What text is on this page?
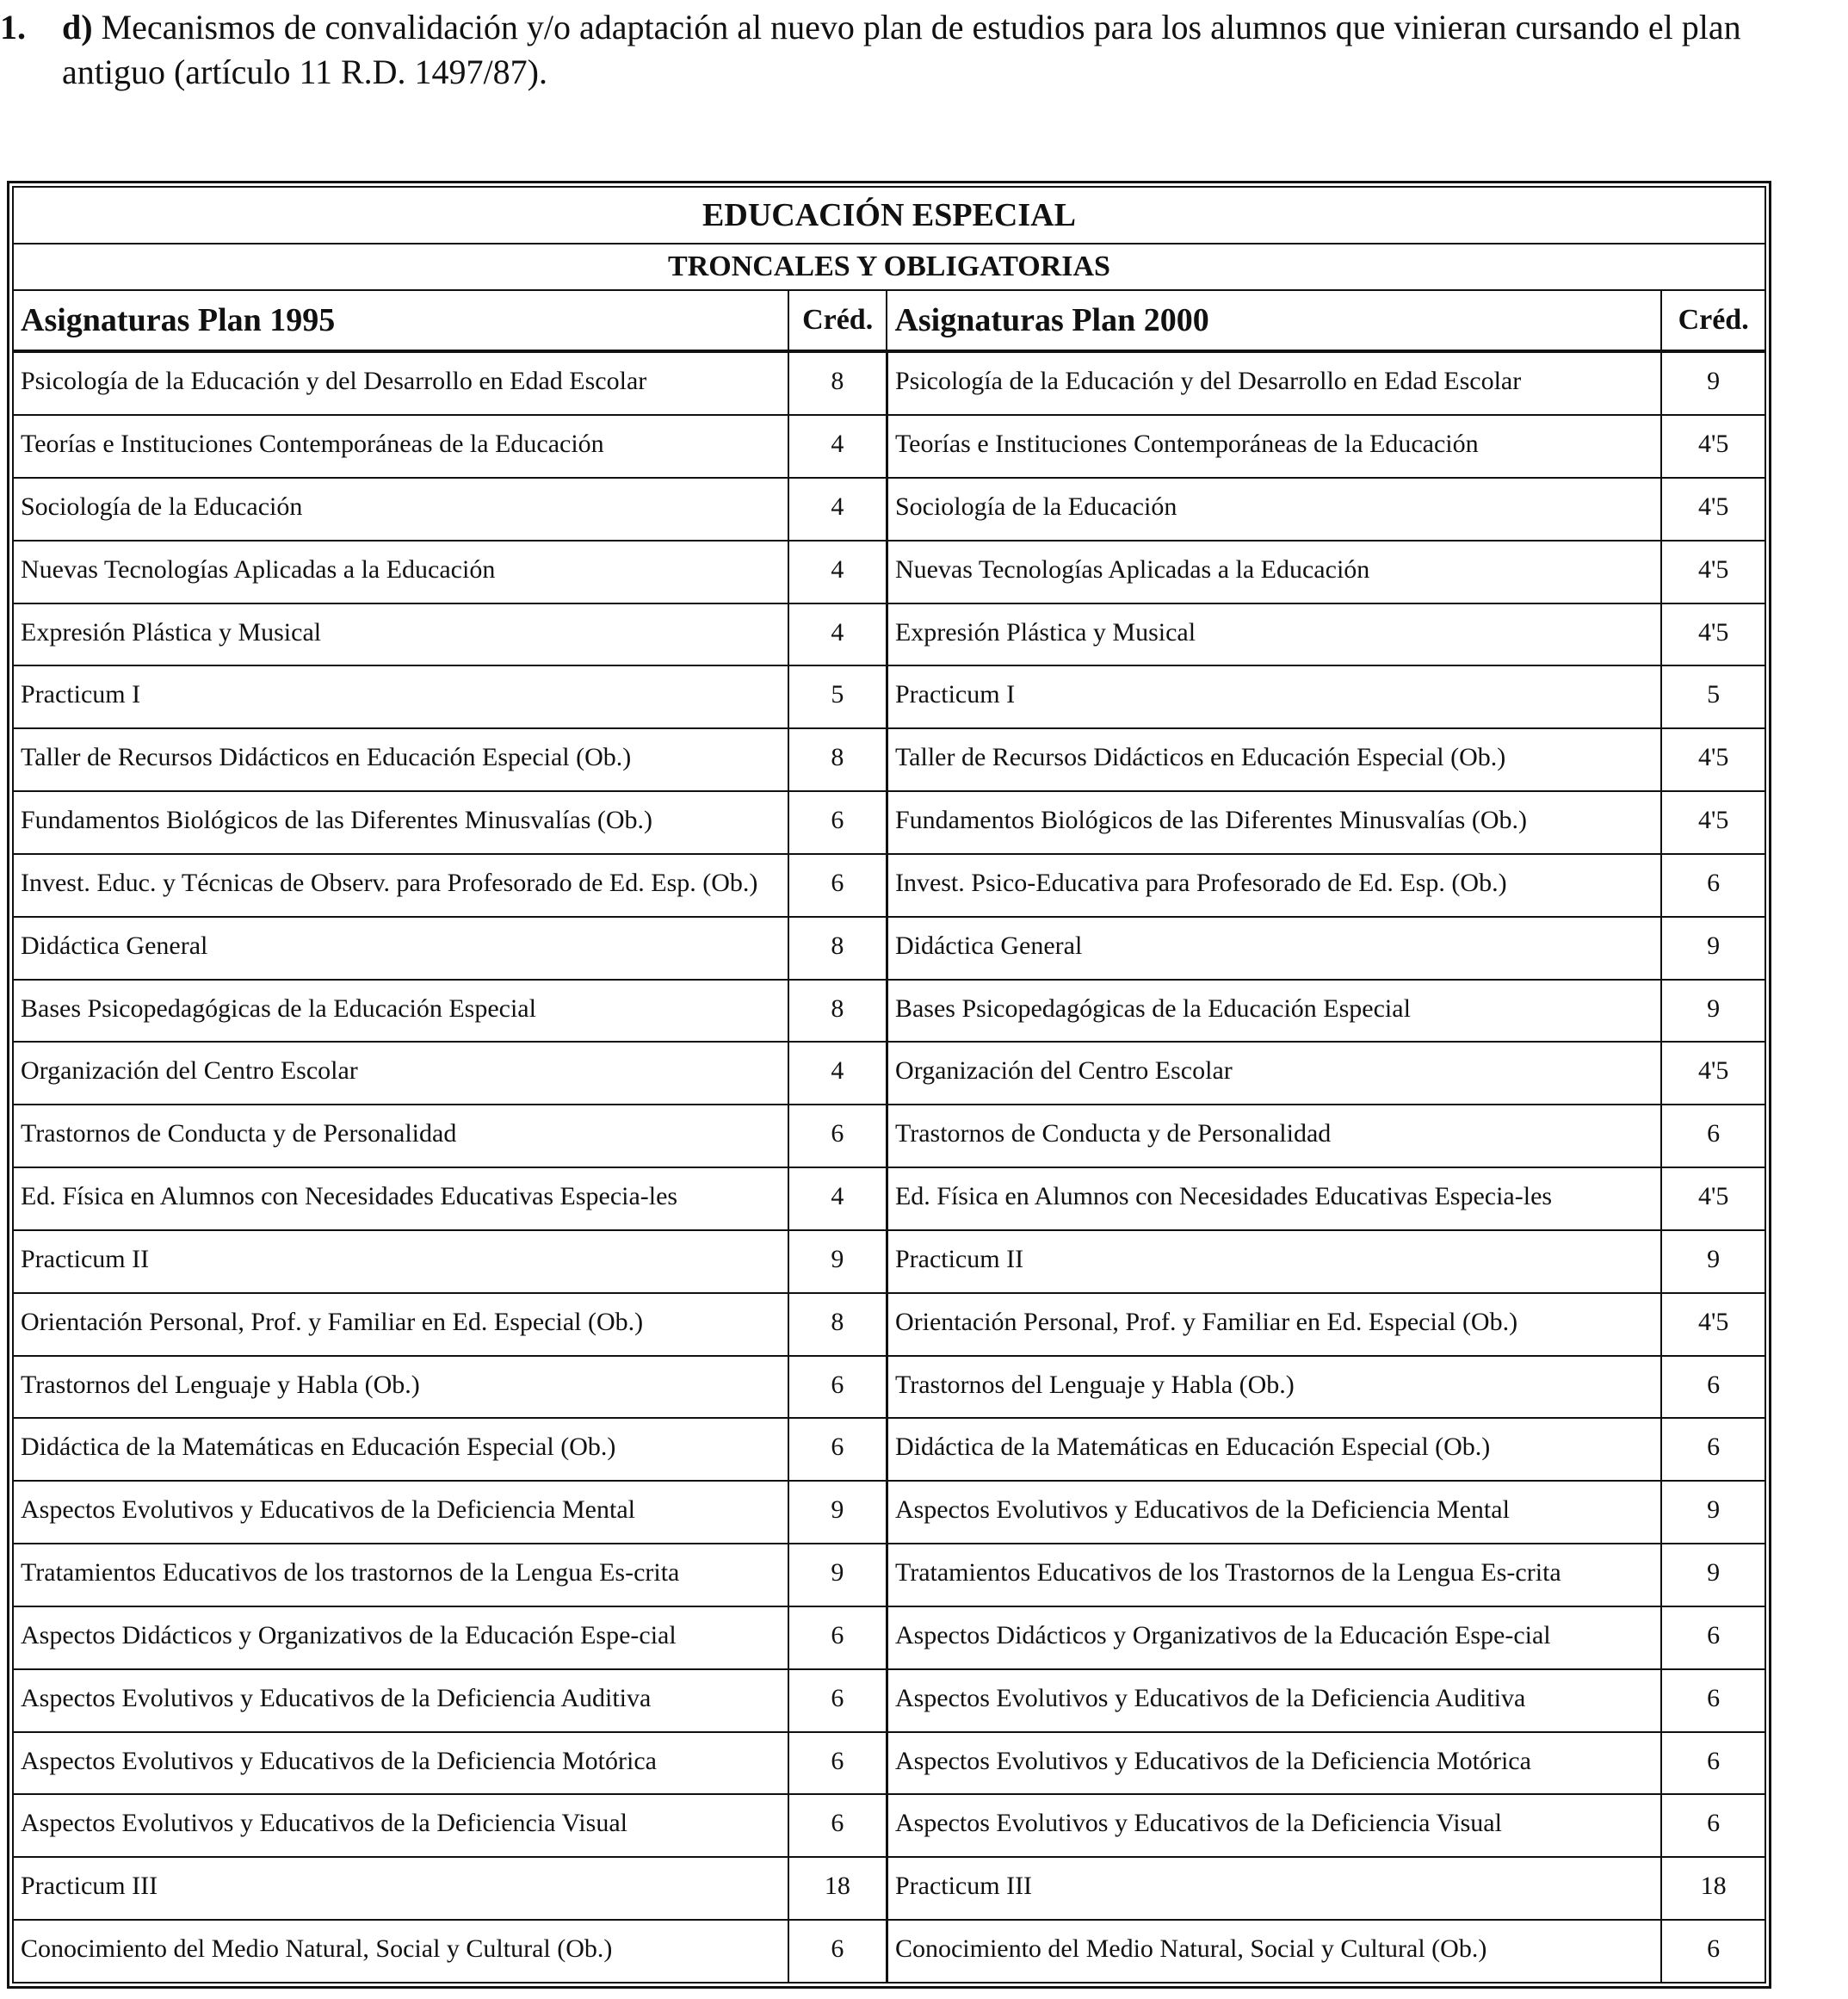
1. d) Mecanismos de convalidación y/o adaptación al nuevo plan de estudios para los alumnos que vinieran cursando el plan antiguo (artículo 11 R.D. 1497/87).
EDUCACIÓN ESPECIAL			
TRONCALES Y OBLIGATORIAS			
Asignaturas Plan 1995	Créd.	Asignaturas Plan 2000	Créd.
Psicología de la Educación y del Desarrollo en Edad Escolar	8	Psicología de la Educación y del Desarrollo en Edad Escolar	9
Teorías e Instituciones Contemporáneas de la Educación	4	Teorías e Instituciones Contemporáneas de la Educación	4'5
Sociología de la Educación	4	Sociología de la Educación	4'5
Nuevas Tecnologías Aplicadas a la Educación	4	Nuevas Tecnologías Aplicadas a la Educación	4'5
Expresión Plástica y Musical	4	Expresión Plástica y Musical	4'5
Practicum I	5	Practicum I	5
Taller de Recursos Didácticos en Educación Especial (Ob.)	8	Taller de Recursos Didácticos en Educación Especial (Ob.)	4'5
Fundamentos Biológicos de las Diferentes Minusvalías (Ob.)	6	Fundamentos Biológicos de las Diferentes Minusvalías (Ob.)	4'5
Invest. Educ. y Técnicas de Observ. para Profesorado de Ed. Esp. (Ob.)	6	Invest. Psico-Educativa para Profesorado de Ed. Esp. (Ob.)	6
Didáctica General	8	Didáctica General	9
Bases Psicopedagógicas de la Educación Especial	8	Bases Psicopedagógicas de la Educación Especial	9
Organización del Centro Escolar	4	Organización del Centro Escolar	4'5
Trastornos de Conducta y de Personalidad	6	Trastornos de Conducta y de Personalidad	6
Ed. Física en Alumnos con Necesidades Educativas Especia-les	4	Ed. Física en Alumnos con Necesidades Educativas Especia-les	4'5
Practicum II	9	Practicum II	9
Orientación Personal, Prof. y Familiar en Ed. Especial (Ob.)	8	Orientación Personal, Prof. y Familiar en Ed. Especial (Ob.)	4'5
Trastornos del Lenguaje y Habla (Ob.)	6	Trastornos del Lenguaje y Habla (Ob.)	6
Didáctica de la Matemáticas en Educación Especial (Ob.)	6	Didáctica de la Matemáticas en Educación Especial (Ob.)	6
Aspectos Evolutivos y Educativos de la Deficiencia Mental	9	Aspectos Evolutivos y Educativos de la Deficiencia Mental	9
Tratamientos Educativos de los trastornos de la Lengua Es-crita	9	Tratamientos Educativos de los Trastornos de la Lengua Es-crita	9
Aspectos Didácticos y Organizativos de la Educación Espe-cial	6	Aspectos Didácticos y Organizativos de la Educación Espe-cial	6
Aspectos Evolutivos y Educativos de la Deficiencia Auditiva	6	Aspectos Evolutivos y Educativos de la Deficiencia Auditiva	6
Aspectos Evolutivos y Educativos de la Deficiencia Motórica	6	Aspectos Evolutivos y Educativos de la Deficiencia Motórica	6
Aspectos Evolutivos y Educativos de la Deficiencia Visual	6	Aspectos Evolutivos y Educativos de la Deficiencia Visual	6
Practicum III	18	Practicum III	18
Conocimiento del Medio Natural, Social y Cultural (Ob.)	6	Conocimiento del Medio Natural, Social y Cultural (Ob.)	6
